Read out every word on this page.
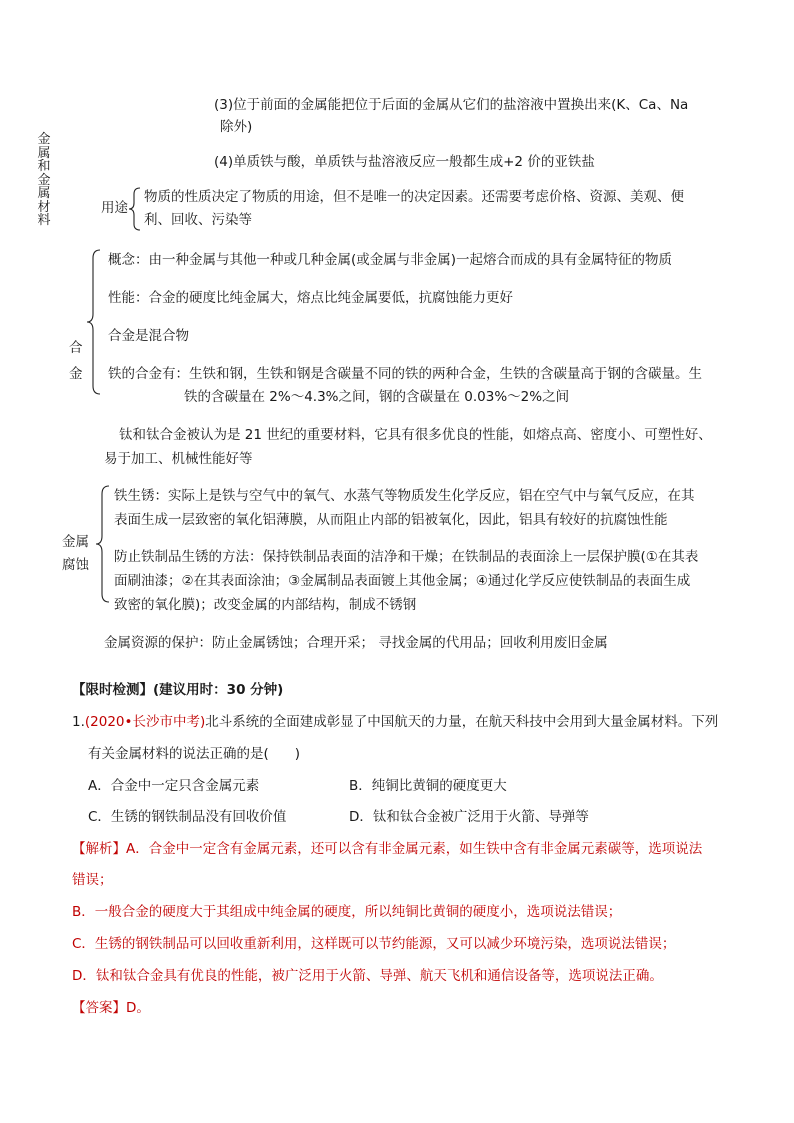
(3)位于前面的金属能把位于后面的金属从它们的盐溶液中置换出来(K、Ca、Na
除外)
(4)单质铁与酸，单质铁与盐溶液反应一般都生成+2 价的亚铁盐
金属和金属材料
用途
物质的性质决定了物质的用途，但不是唯一的决定因素。还需要考虑价格、资源、美观、便
利、回收、污染等
合
金
概念：由一种金属与其他一种或几种金属(或金属与非金属)一起熔合而成的具有金属特征的物质
性能：合金的硬度比纯金属大，熔点比纯金属要低，抗腐蚀能力更好
合金是混合物
铁的合金有：生铁和钢，生铁和钢是含碳量不同的铁的两种合金，生铁的含碳量高于钢的含碳量。生
铁的含碳量在 2%～4.3%之间，钢的含碳量在 0.03%～2%之间
钛和钛合金被认为是 21 世纪的重要材料，它具有很多优良的性能，如熔点高、密度小、可塑性好、
易于加工、机械性能好等
金属
腐蚀
铁生锈：实际上是铁与空气中的氧气、水蒸气等物质发生化学反应，铝在空气中与氧气反应，在其
表面生成一层致密的氧化铝薄膜，从而阻止内部的铝被氧化，因此，铝具有较好的抗腐蚀性能
防止铁制品生锈的方法：保持铁制品表面的洁净和干燥；在铁制品的表面涂上一层保护膜(①在其表
面刷油漆；②在其表面涂油；③金属制品表面镀上其他金属；④通过化学反应使铁制品的表面生成
致密的氧化膜)；改变金属的内部结构，制成不锈钢
金属资源的保护：防止金属锈蚀；合理开采； 寻找金属的代用品；回收利用废旧金属
【限时检测】(建议用时：30 分钟)
1.(2020•长沙市中考)北斗系统的全面建成彰显了中国航天的力量，在航天科技中会用到大量金属材料。下列
有关金属材料的说法正确的是( )
A．合金中一定只含金属元素	B．纯铜比黄铜的硬度更大
C．生锈的钢铁制品没有回收价值	D．钛和钛合金被广泛用于火箭、导弹等
【解析】A．合金中一定含有金属元素，还可以含有非金属元素，如生铁中含有非金属元素碳等，选项说法
错误；
B．一般合金的硬度大于其组成中纯金属的硬度，所以纯铜比黄铜的硬度小，选项说法错误；
C．生锈的钢铁制品可以回收重新利用，这样既可以节约能源，又可以减少环境污染，选项说法错误；
D．钛和钛合金具有优良的性能，被广泛用于火箭、导弹、航天飞机和通信设备等，选项说法正确。
【答案】D。
